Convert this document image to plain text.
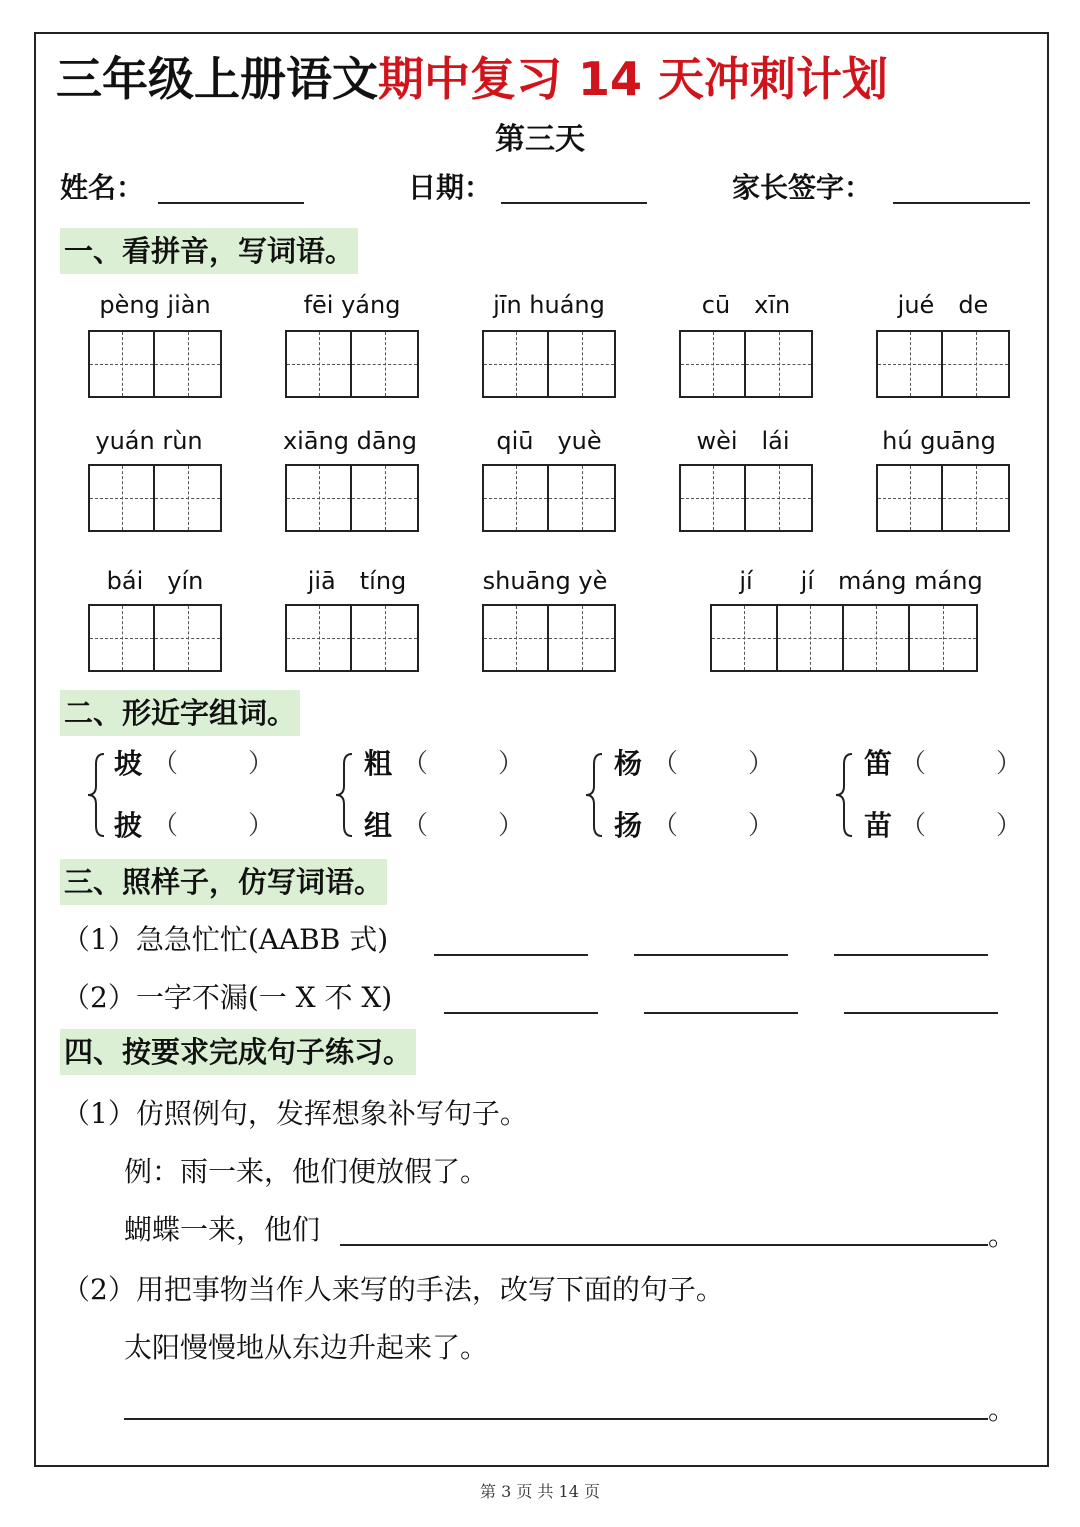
三年级上册语文期中复习 14 天冲刺计划
第三天
姓名：	日期：	家长签字：
一、看拼音，写词语。
pèng jiàn	fēi yáng	jīn huáng	cū　xīn	jué　de
yuán rùn	xiāng dāng	qiū　yuè	wèi　lái	hú guāng
bái　yín	jiā　tíng	shuāng yè	jí　　jí　máng máng
二、形近字组词。
坡 （	）
披 （	）
粗 （	）
组 （	）
杨 （	）
扬 （	）
笛 （	）
苗 （	）
三、照样子，仿写词语。
（1）急急忙忙(AABB 式)
（2）一字不漏(一 X 不 X)
四、按要求完成句子练习。
（1）仿照例句，发挥想象补写句子。
例：雨一来，他们便放假了。
蝴蝶一来，他们	。
（2）用把事物当作人来写的手法，改写下面的句子。
太阳慢慢地从东边升起来了。
。
第 3 页 共 14 页
